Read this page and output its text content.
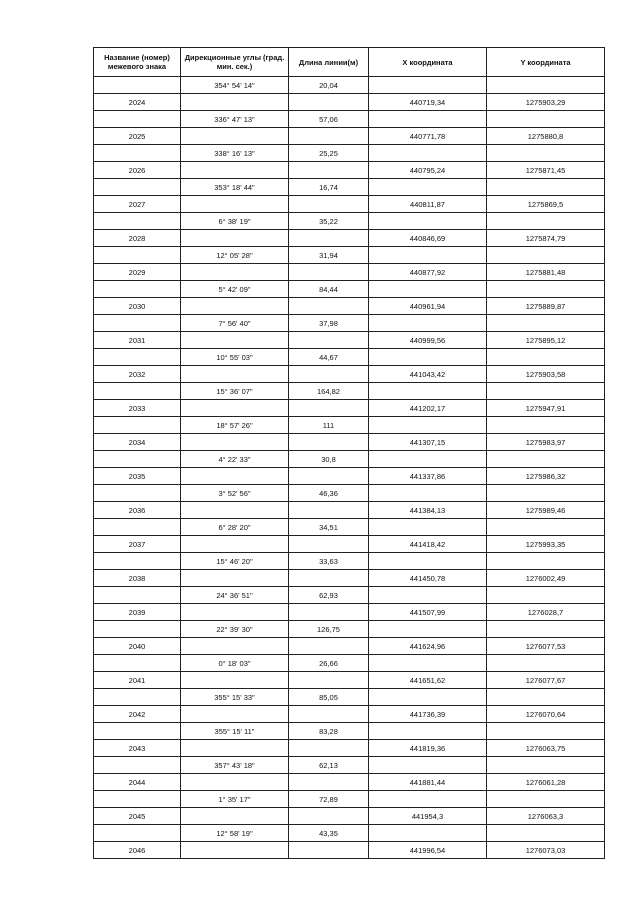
Название (номер) межевого знака	Дирекционные углы (град. мин. сек.)	Длина линии(м)	X координата	Y координата
	354° 54' 14"	20,04		
2024			440719,34	1275903,29
	336° 47' 13"	57,06		
2025			440771,78	1275880,8
	338° 16' 13"	25,25		
2026			440795,24	1275871,45
	353° 18' 44"	16,74		
2027			440811,87	1275869,5
	6° 38' 19"	35,22		
2028			440846,69	1275874,79
	12° 05' 28"	31,94		
2029			440877,92	1275881,48
	5° 42' 09"	84,44		
2030			440961,94	1275889,87
	7° 56' 40"	37,98		
2031			440999,56	1275895,12
	10° 55' 03"	44,67		
2032			441043,42	1275903,58
	15° 36' 07"	164,82		
2033			441202,17	1275947,91
	18° 57' 26"	111		
2034			441307,15	1275983,97
	4° 22' 33"	30,8		
2035			441337,86	1275986,32
	3° 52' 56"	46,36		
2036			441384,13	1275989,46
	6° 28' 20"	34,51		
2037			441418,42	1275993,35
	15° 46' 20"	33,63		
2038			441450,78	1276002,49
	24° 36' 51"	62,93		
2039			441507,99	1276028,7
	22° 39' 30"	126,75		
2040			441624,96	1276077,53
	0° 18' 03"	26,66		
2041			441651,62	1276077,67
	355° 15' 33"	85,05		
2042			441736,39	1276070,64
	355° 15' 11"	83,28		
2043			441819,36	1276063,75
	357° 43' 18"	62,13		
2044			441881,44	1276061,28
	1° 35' 17"	72,89		
2045			441954,3	1276063,3
	12° 58' 19"	43,35		
2046			441996,54	1276073,03
